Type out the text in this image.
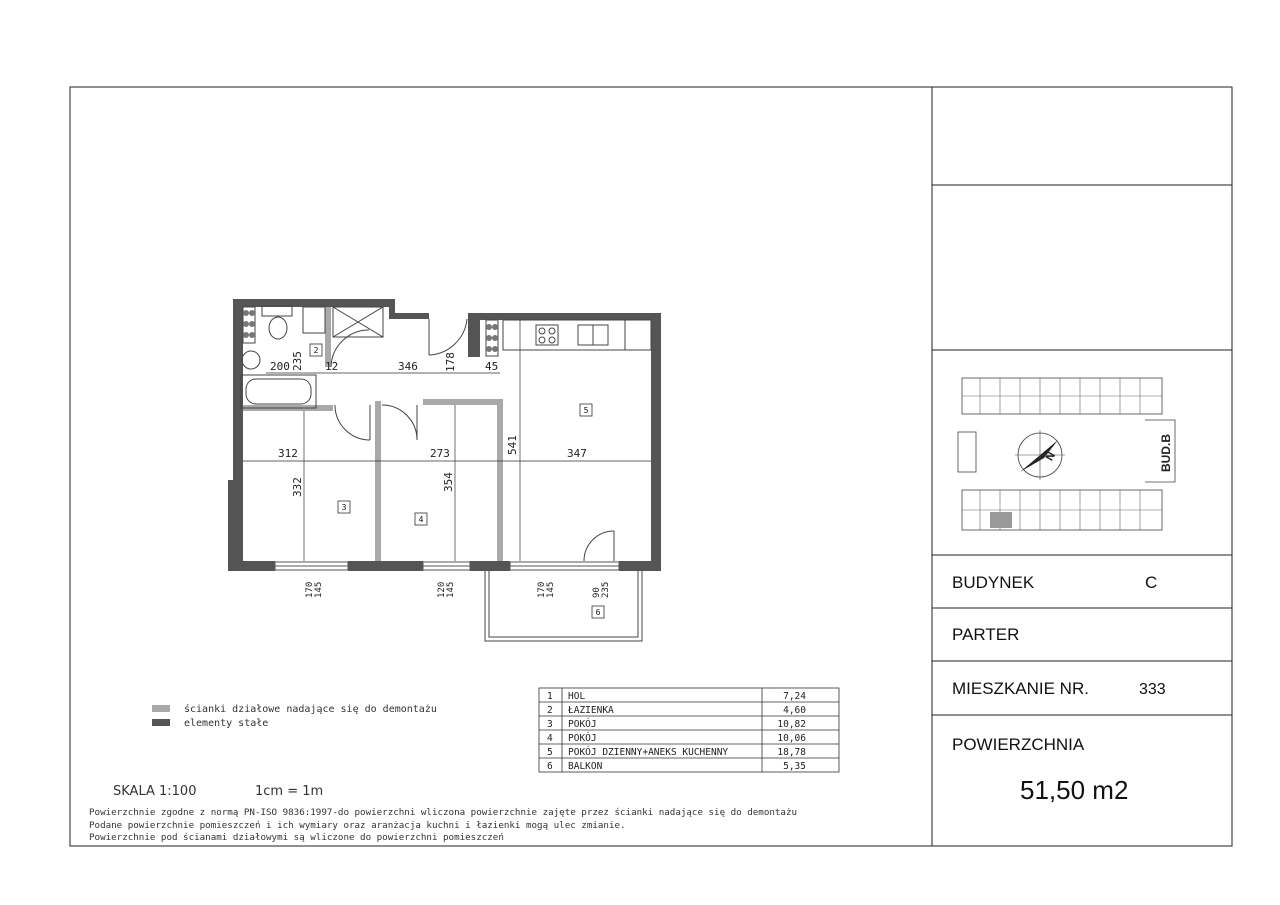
2
3
4
5
6
200 235 12	346 178	45
541
312	273	347
332	354
170 145	120 145	170 145	90 235
ścianki działowe nadające się do demontażu
elementy stałe
1 HOL	7,24
2 ŁAZIENKA	4,60
3 POKÓJ	10,82
4 POKÓJ	10,06
5 POKÓJ DZIENNY+ANEKS KUCHENNY	18,78
6 BALKON	5,35
SKALA 1:100	1cm = 1m
Powierzchnie zgodne z normą PN-ISO 9836:1997-do powierzchni wliczona powierzchnie zajęte przez ścianki nadające się do demontażu
Podane powierzchnie pomieszczeń i ich wymiary oraz aranżacja kuchni i łazienki mogą ulec zmianie.
Powierzchnie pod ścianami działowymi są wliczone do powierzchni pomieszczeń
N	BUD.B
BUDYNEK	C
PARTER
MIESZKANIE NR.	333
POWIERZCHNIA
51,50 m2
